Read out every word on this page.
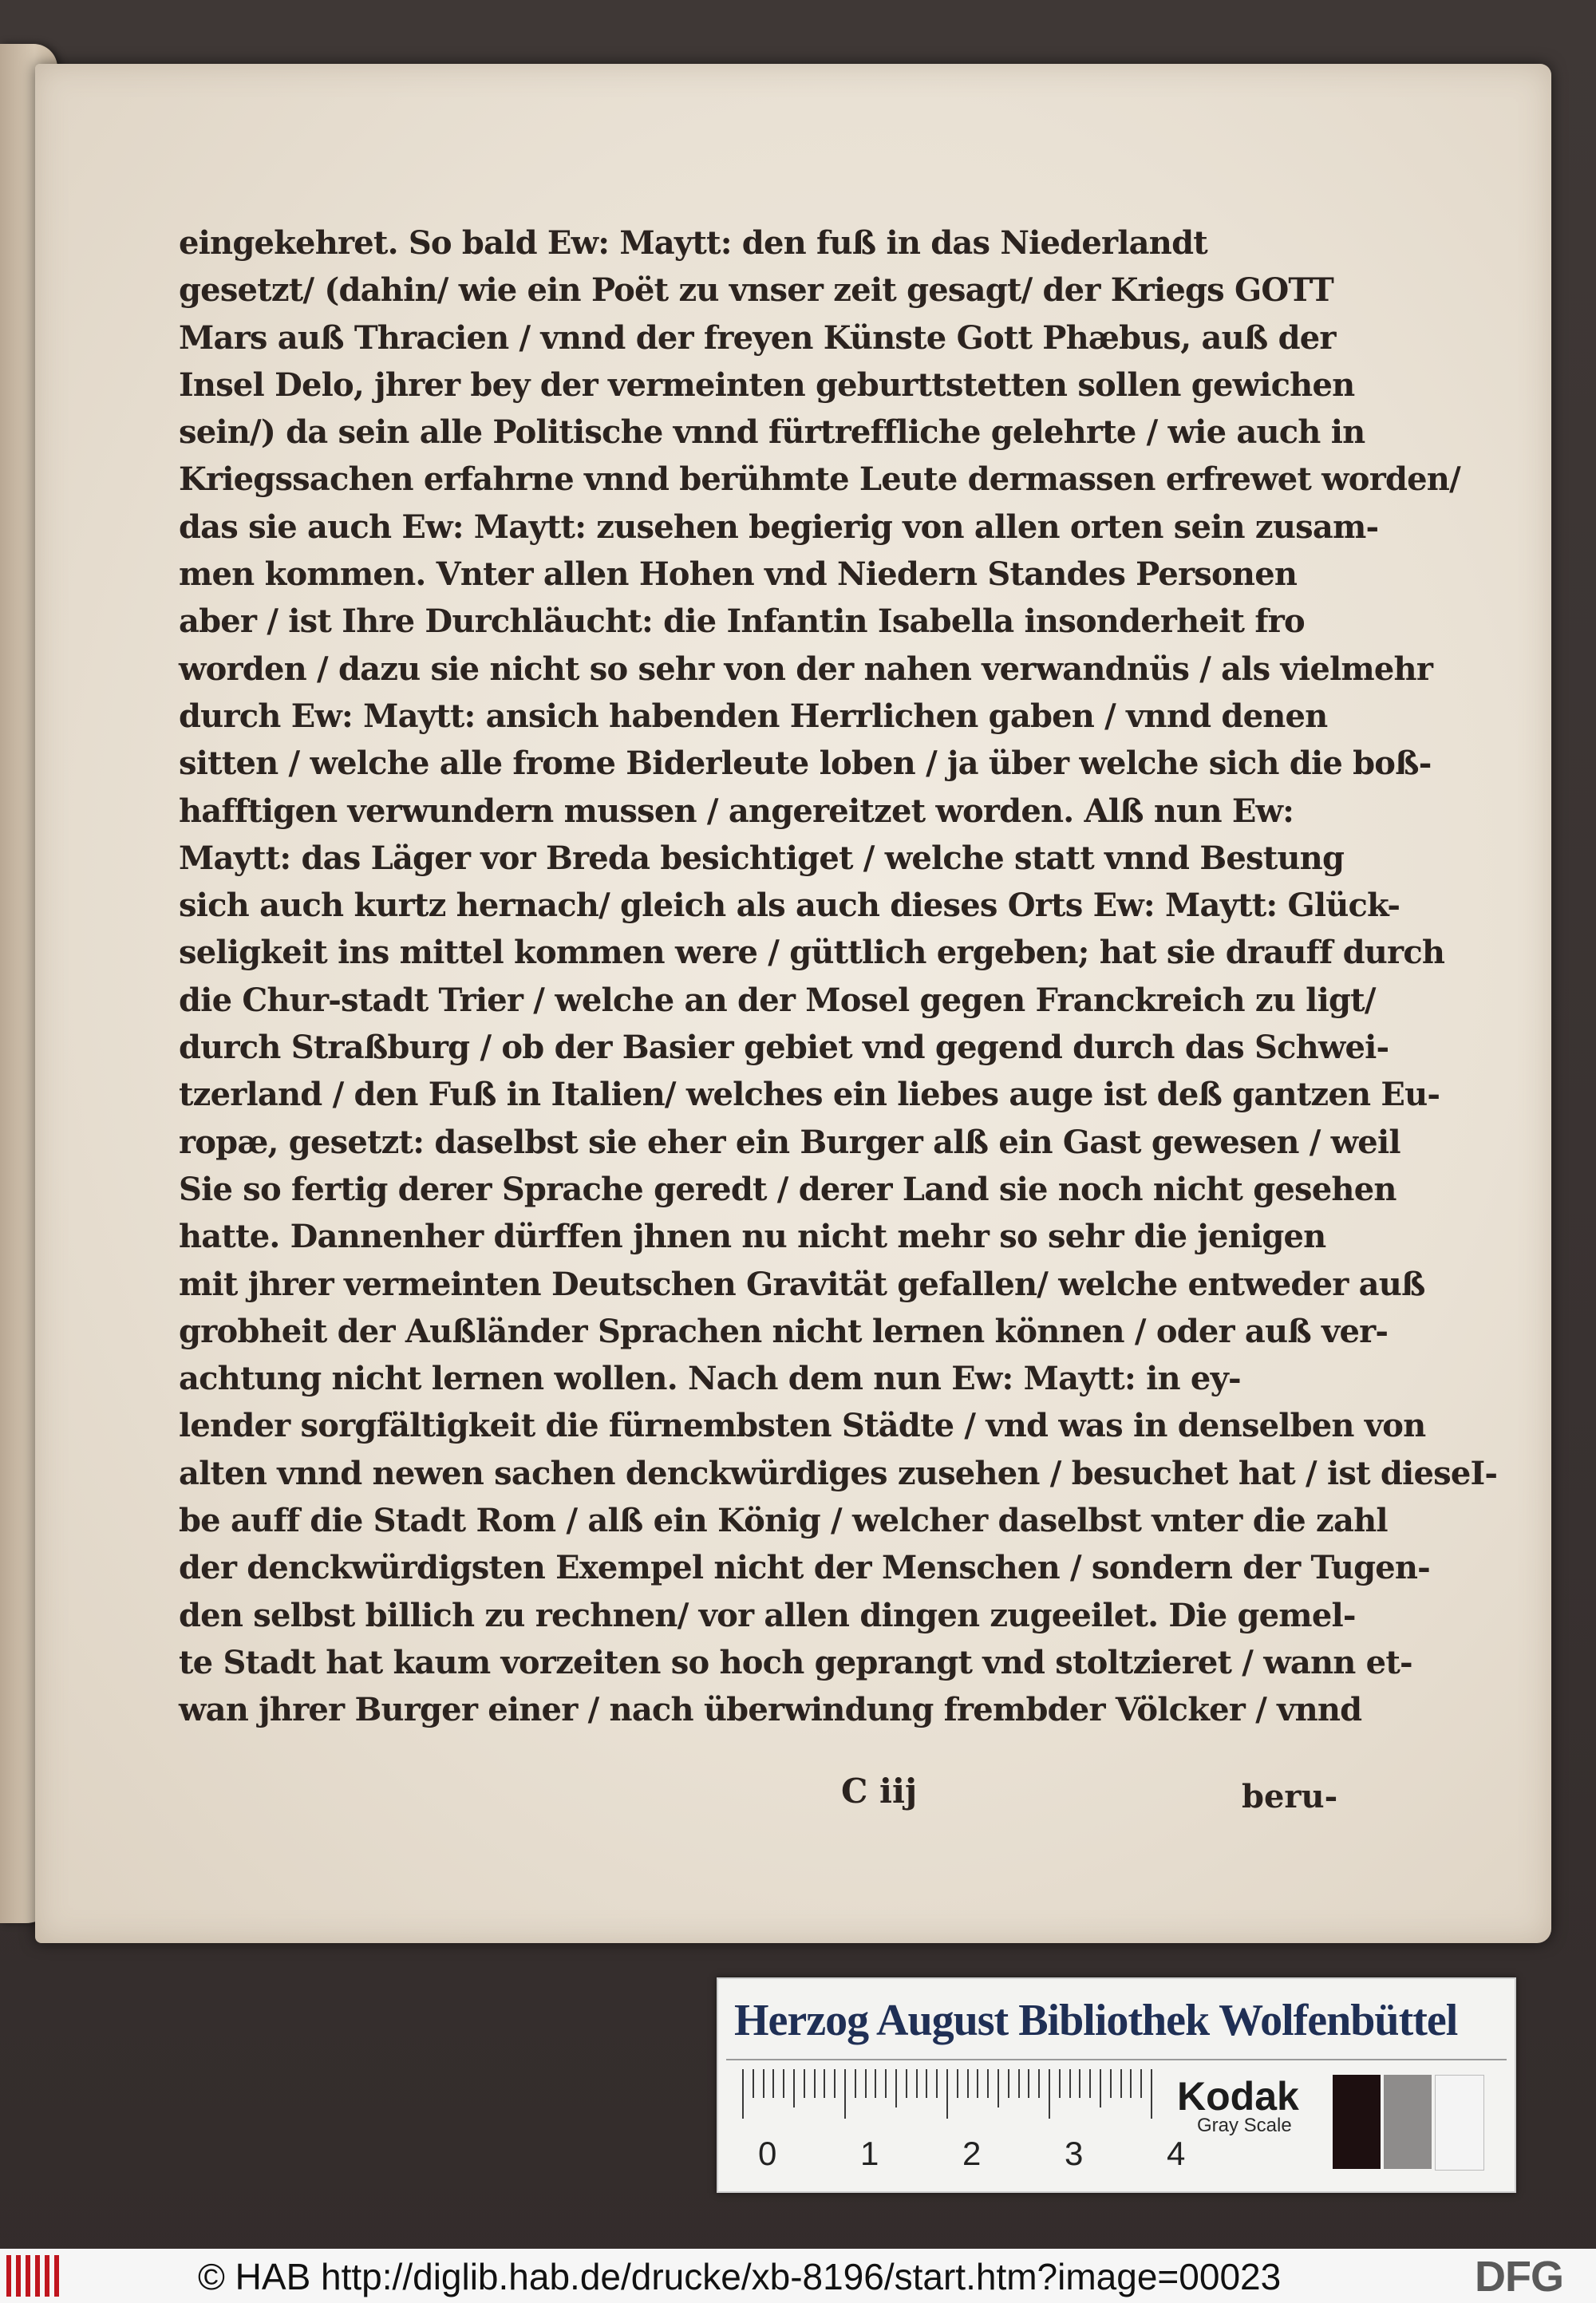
eingekehret. So bald Ew: Maytt: den fuß in das Niederlandt
gesetzt/ (dahin/ wie ein Poët zu vnser zeit gesagt/ der Kriegs GOTT
Mars auß Thracien / vnnd der freyen Künste Gott Phæbus, auß der
Insel Delo, jhrer bey der vermeinten geburttstetten sollen gewichen
sein/) da sein alle Politische vnnd fürtreffliche gelehrte / wie auch in
Kriegssachen erfahrne vnnd berühmte Leute dermassen erfrewet worden/
das sie auch Ew: Maytt: zusehen begierig von allen orten sein zusam-
men kommen. Vnter allen Hohen vnd Niedern Standes Personen
aber / ist Ihre Durchläucht: die Infantin Isabella insonderheit fro
worden / dazu sie nicht so sehr von der nahen verwandnüs / als vielmehr
durch Ew: Maytt: ansich habenden Herrlichen gaben / vnnd denen
sitten / welche alle frome Biderleute loben / ja über welche sich die boß-
hafftigen verwundern mussen / angereitzet worden. Alß nun Ew:
Maytt: das Läger vor Breda besichtiget / welche statt vnnd Bestung
sich auch kurtz hernach/ gleich als auch dieses Orts Ew: Maytt: Glück-
seligkeit ins mittel kommen were / güttlich ergeben; hat sie drauff durch
die Chur-stadt Trier / welche an der Mosel gegen Franckreich zu ligt/
durch Straßburg / ob der Basier gebiet vnd gegend durch das Schwei-
tzerland / den Fuß in Italien/ welches ein liebes auge ist deß gantzen Eu-
ropæ, gesetzt: daselbst sie eher ein Burger alß ein Gast gewesen / weil
Sie so fertig derer Sprache geredt / derer Land sie noch nicht gesehen
hatte. Dannenher dürffen jhnen nu nicht mehr so sehr die jenigen
mit jhrer vermeinten Deutschen Gravität gefallen/ welche entweder auß
grobheit der Außländer Sprachen nicht lernen können / oder auß ver-
achtung nicht lernen wollen. Nach dem nun Ew: Maytt: in ey-
lender sorgfältigkeit die fürnembsten Städte / vnd was in denselben von
alten vnnd newen sachen denckwürdiges zusehen / besuchet hat / ist dieseI-
be auff die Stadt Rom / alß ein König / welcher daselbst vnter die zahl
der denckwürdigsten Exempel nicht der Menschen / sondern der Tugen-
den selbst billich zu rechnen/ vor allen dingen zugeeilet. Die gemel-
te Stadt hat kaum vorzeiten so hoch geprangt vnd stoltzieret / wann et-
wan jhrer Burger einer / nach überwindung frembder Völcker / vnnd
C iij	beru-
Herzog August Bibliothek Wolfenbüttel
0 1 2 3 4
Kodak
Gray Scale
© HAB http://diglib.hab.de/drucke/xb-8196/start.htm?image=00023	DFG
